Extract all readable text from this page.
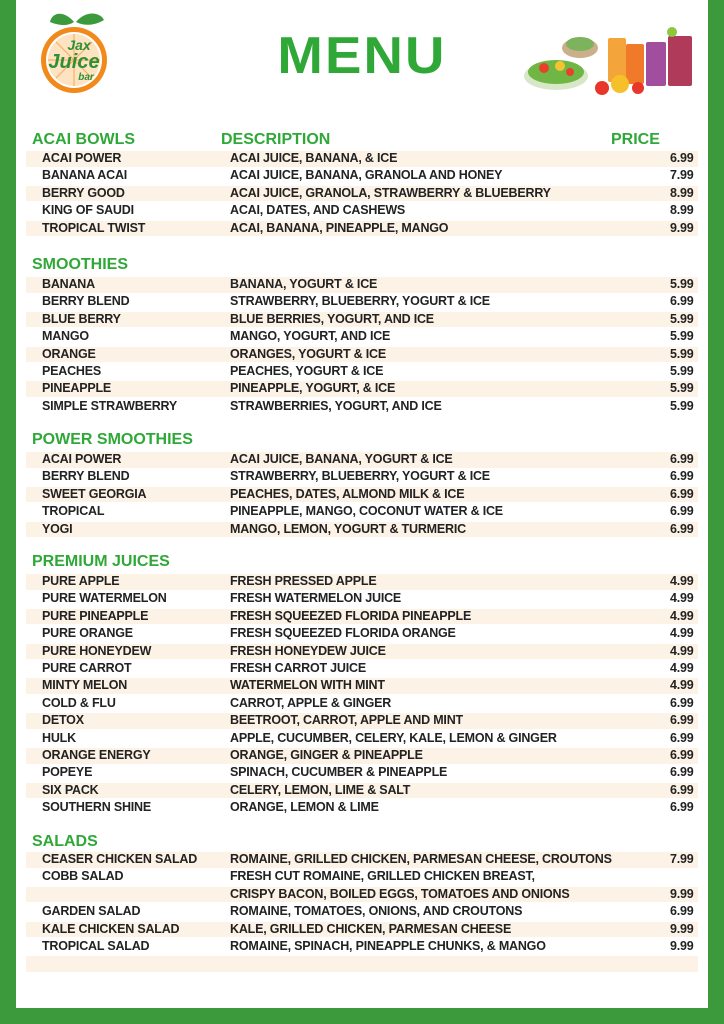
Jax
Juice
bar	MENU
ACAI BOWLS	DESCRIPTION	PRICE
ACAI POWER	ACAI JUICE, BANANA, & ICE	6.99
BANANA ACAI	ACAI JUICE, BANANA, GRANOLA AND HONEY	7.99
BERRY GOOD	ACAI JUICE, GRANOLA, STRAWBERRY & BLUEBERRY	8.99
KING OF SAUDI	ACAI, DATES, AND CASHEWS	8.99
TROPICAL TWIST	ACAI, BANANA, PINEAPPLE, MANGO	9.99
SMOOTHIES
BANANA	BANANA, YOGURT & ICE	5.99
BERRY BLEND	STRAWBERRY, BLUEBERRY, YOGURT & ICE	6.99
BLUE BERRY	BLUE BERRIES, YOGURT, AND ICE	5.99
MANGO	MANGO, YOGURT, AND ICE	5.99
ORANGE	ORANGES, YOGURT & ICE	5.99
PEACHES	PEACHES, YOGURT & ICE	5.99
PINEAPPLE	PINEAPPLE, YOGURT, & ICE	5.99
SIMPLE STRAWBERRY	STRAWBERRIES, YOGURT, AND ICE	5.99
POWER SMOOTHIES
ACAI POWER	ACAI JUICE, BANANA, YOGURT & ICE	6.99
BERRY BLEND	STRAWBERRY, BLUEBERRY, YOGURT & ICE	6.99
SWEET GEORGIA	PEACHES, DATES, ALMOND MILK & ICE	6.99
TROPICAL	PINEAPPLE, MANGO, COCONUT WATER & ICE	6.99
YOGI	MANGO, LEMON, YOGURT & TURMERIC	6.99
PREMIUM JUICES
PURE APPLE	FRESH PRESSED APPLE	4.99
PURE WATERMELON	FRESH WATERMELON JUICE	4.99
PURE PINEAPPLE	FRESH SQUEEZED FLORIDA PINEAPPLE	4.99
PURE ORANGE	FRESH SQUEEZED FLORIDA ORANGE	4.99
PURE HONEYDEW	FRESH HONEYDEW JUICE	4.99
PURE CARROT	FRESH CARROT JUICE	4.99
MINTY MELON	WATERMELON WITH MINT	4.99
COLD & FLU	CARROT, APPLE & GINGER	6.99
DETOX	BEETROOT, CARROT, APPLE AND MINT	6.99
HULK	APPLE, CUCUMBER, CELERY, KALE, LEMON & GINGER	6.99
ORANGE ENERGY	ORANGE, GINGER & PINEAPPLE	6.99
POPEYE	SPINACH, CUCUMBER & PINEAPPLE	6.99
SIX PACK	CELERY, LEMON, LIME & SALT	6.99
SOUTHERN SHINE	ORANGE, LEMON & LIME	6.99
SALADS
CEASER CHICKEN SALAD	ROMAINE, GRILLED CHICKEN, PARMESAN CHEESE, CROUTONS	7.99
COBB SALAD	FRESH CUT ROMAINE, GRILLED CHICKEN BREAST,
CRISPY BACON, BOILED EGGS, TOMATOES AND ONIONS	9.99
GARDEN SALAD	ROMAINE, TOMATOES, ONIONS, AND CROUTONS	6.99
KALE CHICKEN SALAD	KALE, GRILLED CHICKEN, PARMESAN CHEESE	9.99
TROPICAL SALAD	ROMAINE, SPINACH, PINEAPPLE CHUNKS, & MANGO	9.99
